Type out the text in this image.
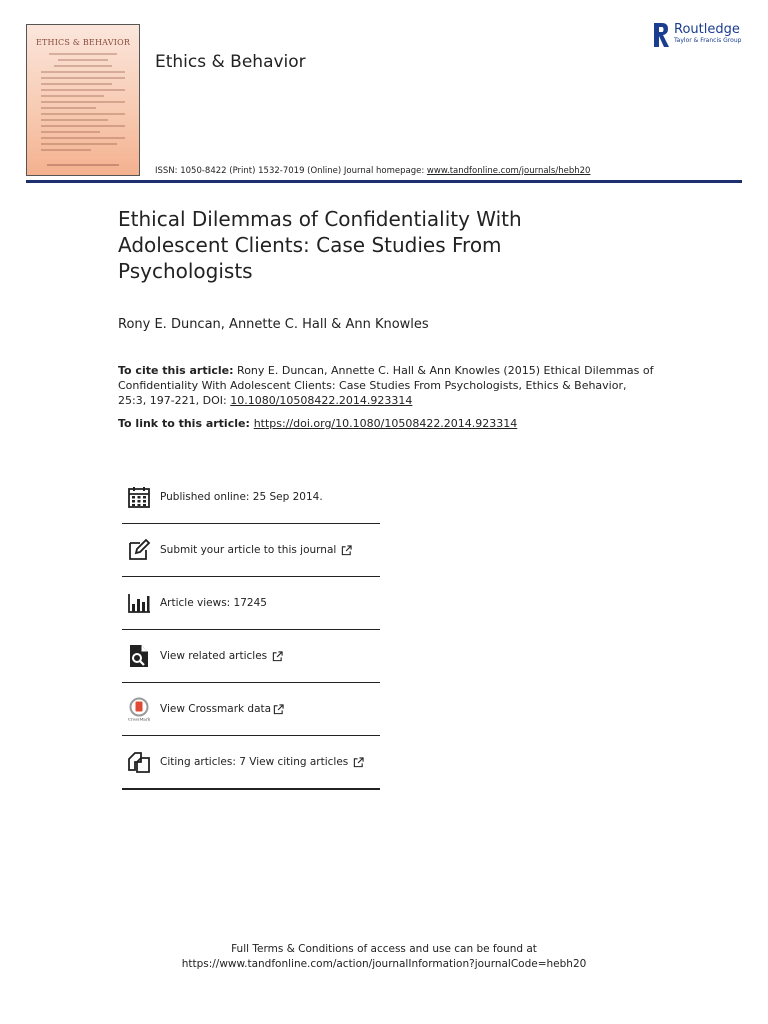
ETHICS & BEHAVIOR
Ethics & Behavior
Routledge
Taylor & Francis Group
ISSN: 1050-8422 (Print) 1532-7019 (Online) Journal homepage: www.tandfonline.com/journals/hebh20
Ethical Dilemmas of Confidentiality With Adolescent Clients: Case Studies From Psychologists
Rony E. Duncan, Annette C. Hall & Ann Knowles
To cite this article: Rony E. Duncan, Annette C. Hall & Ann Knowles (2015) Ethical Dilemmas of Confidentiality With Adolescent Clients: Case Studies From Psychologists, Ethics & Behavior, 25:3, 197-221, DOI: 10.1080/10508422.2014.923314
To link to this article: https://doi.org/10.1080/10508422.2014.923314
Published online: 25 Sep 2014.
Submit your article to this journal
Article views: 17245
View related articles
CrossMark
View Crossmark data
Citing articles: 7 View citing articles
Full Terms & Conditions of access and use can be found at
https://www.tandfonline.com/action/journalInformation?journalCode=hebh20
